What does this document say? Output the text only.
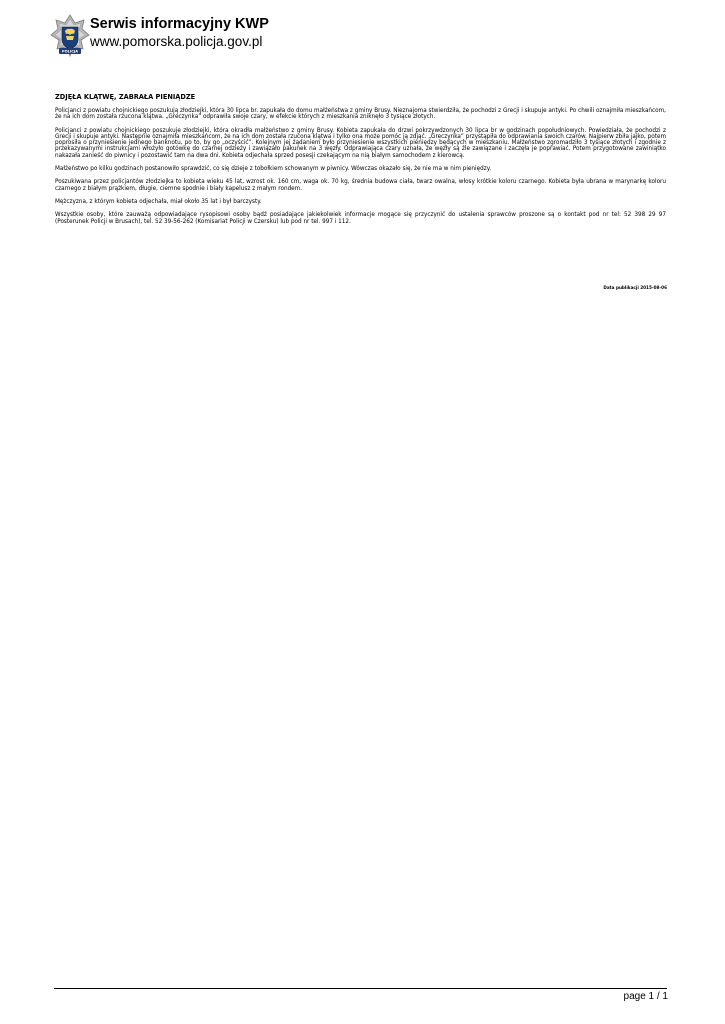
POLICJA
Serwis informacyjny KWP
www.pomorska.policja.gov.pl
ZDJĘŁA KLĄTWĘ, ZABRAŁA PIENIĄDZE

Policjanci z powiatu chojnickiego poszukują złodziejki, która 30 lipca br. zapukała do domu małżeństwa z gminy Brusy. Nieznajoma stwierdziła, że pochodzi z Grecji i skupuje antyki. Po chwili oznajmiła mieszkańcom, że na ich dom została rzucona klątwa. „Greczynka” odprawiła swoje czary, w efekcie których z mieszkania zniknęło 3 tysiące złotych.

Policjanci z powiatu chojnickiego poszukuje złodziejki, która okradła małżeństwo z gminy Brusy. Kobieta zapukała do drzwi pokrzywdzonych 30 lipca br w godzinach popołudniowych. Powiedziała, że pochodzi z Grecji i skupuje antyki. Następnie oznajmiła mieszkańcom, że na ich dom została rzucona klątwa i tylko ona może pomóc ją zdjąć. „Greczynka” przystąpiła do odprawiania swoich czarów. Najpierw zbiła jajko, potem poprosiła o przyniesienie jednego banknotu, po to, by go „oczyścić”. Kolejnym jej żądaniem było przyniesienie wszystkich pieniędzy będących w mieszkaniu. Małżeństwo zgromadziło 3 tysiące złotych i zgodnie z przekazywanymi instrukcjami włożyło gotówkę do czarnej odzieży i zawiązało pakunek na 3 węzły. Odprawiająca czary uznała, że węzły są źle zawiązane i zaczęła je poprawiać. Potem przygotowane zawiniątko nakazała zanieść do piwnicy i pozostawić tam na dwa dni. Kobieta odjechała sprzed posesji czekającym na nią białym samochodem z kierowcą.

Małżeństwo po kilku godzinach postanowiło sprawdzić, co się dzieje z tobołkiem schowanym w piwnicy. Wówczas okazało się, że nie ma w nim pieniędzy.

Poszukiwana przez policjantów złodziejka to kobieta wieku 45 lat, wzrost ok. 160 cm, waga ok. 70 kg, średnia budowa ciała, twarz owalna, włosy krótkie koloru czarnego. Kobieta była ubrana w marynarkę koloru czarnego z białym prążkiem, długie, ciemne spodnie i biały kapelusz z małym rondem.

Mężczyzna, z którym kobieta odjechała, miał około 35 lat i był barczysty.

Wszystkie osoby, które zauważą odpowiadające rysopisowi osoby bądź posiadające jakiekolwiek informacje mogące się przyczynić do ustalenia sprawców proszone są o kontakt pod nr tel: 52 398 29 97 (Posterunek Policji w Brusach), tel. 52 39-56-262 (Komisariat Policji w Czersku) lub pod nr tel. 997 i 112.

Data publikacji 2015-08-06
page 1 / 1
